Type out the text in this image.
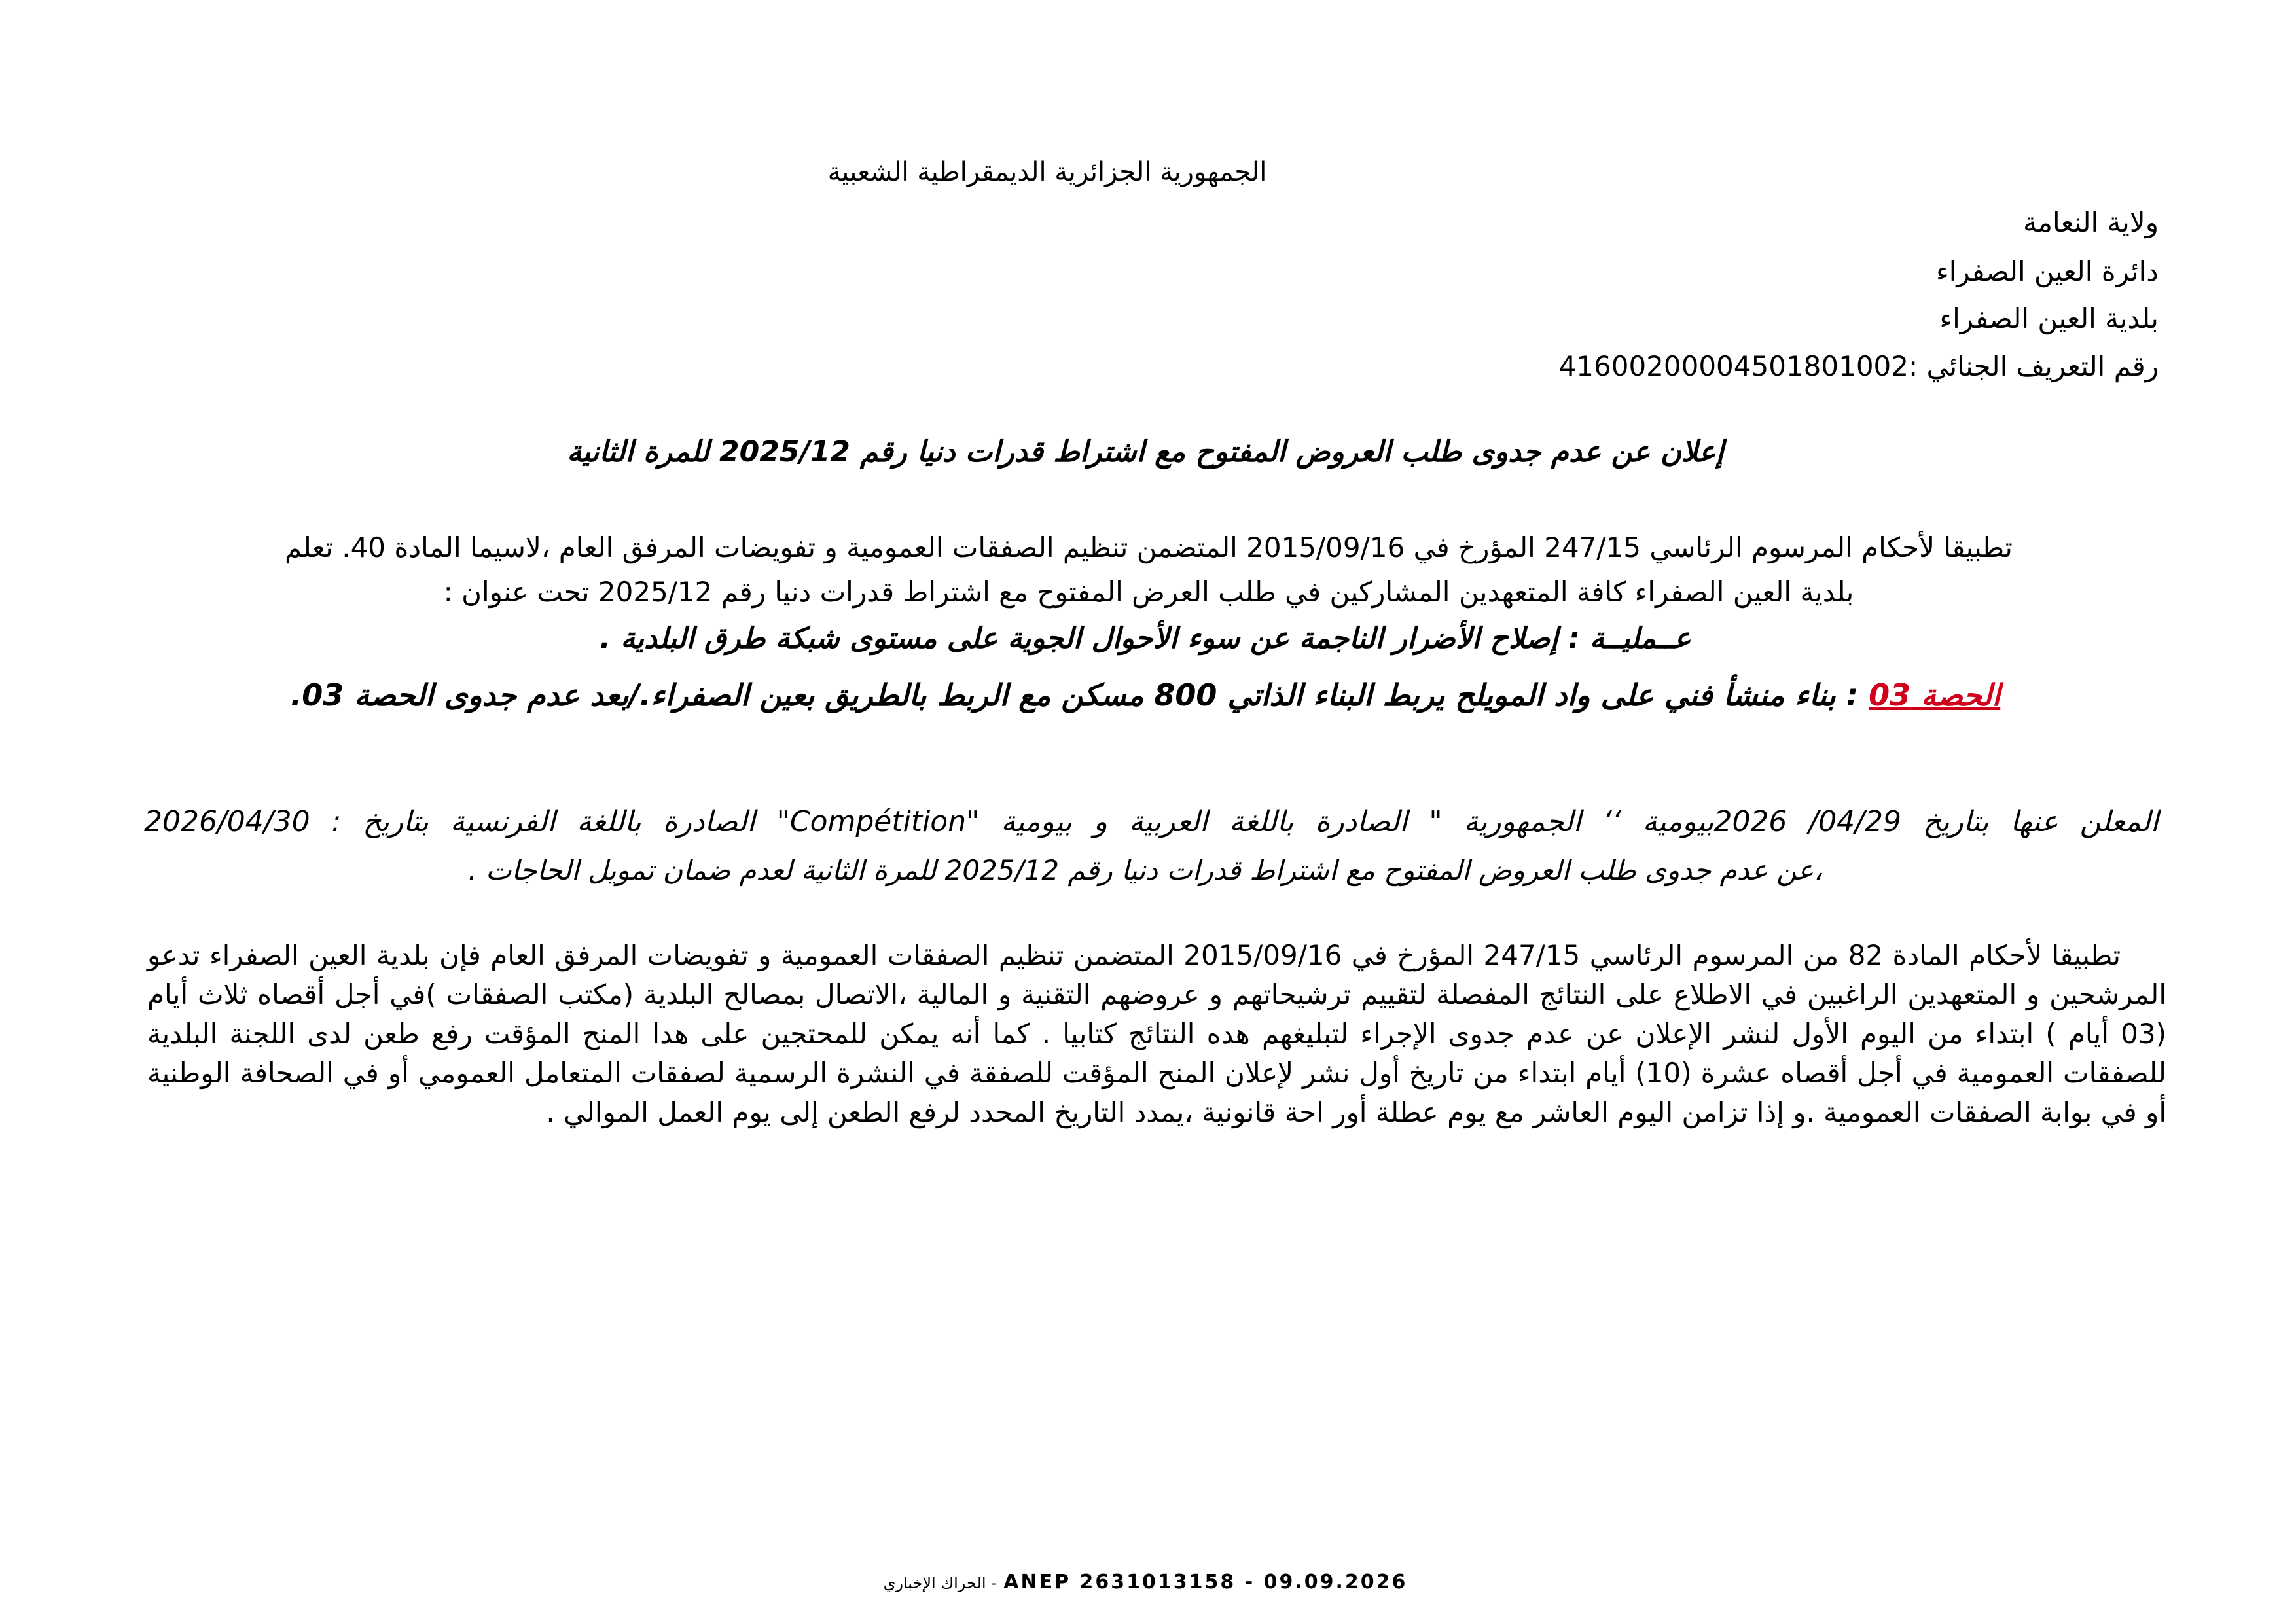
الجمهورية الجزائرية الديمقراطية الشعبية
ولاية النعامة
دائرة العين الصفراء
بلدية العين الصفراء
رقم التعريف الجنائي :41600200004501801002
إعلان عن عدم جدوى طلب العروض المفتوح مع اشتراط قدرات دنيا رقم 2025/12 للمرة الثانية
تطبيقا لأحكام المرسوم الرئاسي 247/15 المؤرخ في 2015/09/16 المتضمن تنظيم الصفقات العمومية و تفويضات المرفق العام ،لاسيما المادة 40. تعلم
بلدية العين الصفراء كافة المتعهدين المشاركين في طلب العرض المفتوح مع اشتراط قدرات دنيا رقم 2025/12 تحت عنوان :
عــمليــة : إصلاح الأضرار الناجمة عن سوء الأحوال الجوية على مستوى شبكة طرق البلدية .
الحصة 03 : بناء منشأ فني على واد المويلح يربط البناء الذاتي 800 مسكن مع الربط بالطريق بعين الصفراء./بعد عدم جدوى الحصة 03.
المعلن عنها بتاريخ 04/29/ 2026بيومية ‘‘ الجمهورية " الصادرة باللغة العربية و بيومية "Compétition" الصادرة باللغة الفرنسية بتاريخ : 2026/04/30
،عن عدم جدوى طلب العروض المفتوح مع اشتراط قدرات دنيا رقم 2025/12 للمرة الثانية لعدم ضمان تمويل الحاجات .
تطبيقا لأحكام المادة 82 من المرسوم الرئاسي 247/15 المؤرخ في 2015/09/16 المتضمن تنظيم الصفقات العمومية و تفويضات المرفق العام فإن بلدية العين الصفراء تدعو المرشحين و المتعهدين الراغبين في الاطلاع على النتائج المفصلة لتقييم ترشيحاتهم و عروضهم التقنية و المالية ،الاتصال بمصالح البلدية (مكتب الصفقات )في أجل أقصاه ثلاث أيام (03 أيام ) ابتداء من اليوم الأول لنشر الإعلان عن عدم جدوى الإجراء لتبليغهم هده النتائج كتابيا . كما أنه يمكن للمحتجين على هدا المنح المؤقت رفع طعن لدى اللجنة البلدية للصفقات العمومية في أجل أقصاه عشرة (10) أيام ابتداء من تاريخ أول نشر لإعلان المنح المؤقت للصفقة في النشرة الرسمية لصفقات المتعامل العمومي أو في الصحافة الوطنية أو في بوابة الصفقات العمومية .و إذا تزامن اليوم العاشر مع يوم عطلة أور احة قانونية ،يمدد التاريخ المحدد لرفع الطعن إلى يوم العمل الموالي .
الحراك الإخباري - ANEP 2631013158 - 09.09.2026
